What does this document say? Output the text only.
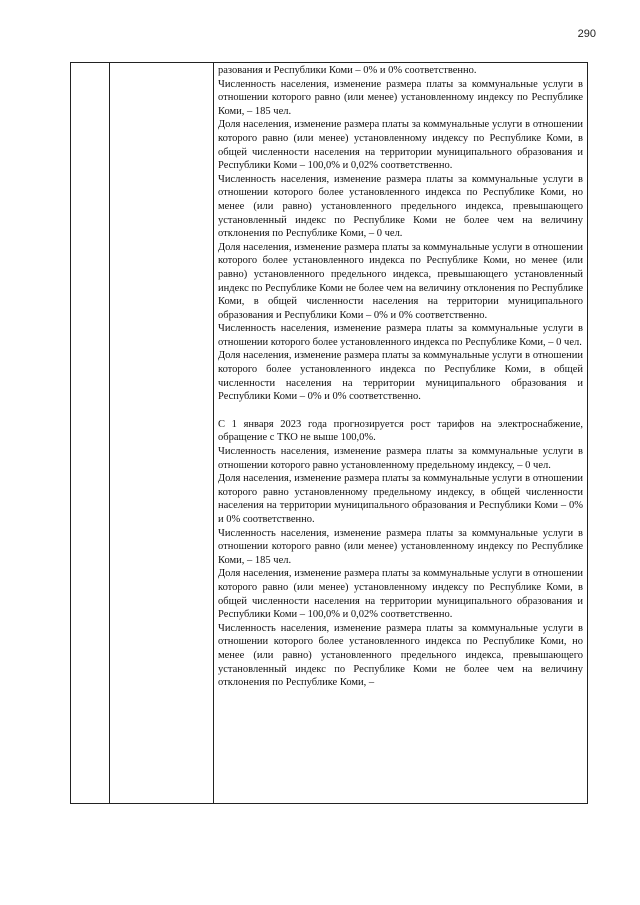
290

разования и Республики Коми – 0% и 0% соответственно.

Численность населения, изменение размера платы за коммунальные услуги в отношении которого равно (или менее) установленному индексу по Республике Коми, – 185 чел.

Доля населения, изменение размера платы за коммунальные услуги в отношении которого равно (или менее) установленному индексу по Республике Коми, в общей численности населения на территории муниципального образования и Республики Коми – 100,0% и 0,02% соответственно.

Численность населения, изменение размера платы за коммунальные услуги в отношении которого более установленного индекса по Республике Коми, но менее (или равно) установленного предельного индекса, превышающего установленный индекс по Республике Коми не более чем на величину отклонения по Республике Коми, – 0 чел.

Доля населения, изменение размера платы за коммунальные услуги в отношении которого более установленного индекса по Республике Коми, но менее (или равно) установленного предельного индекса, превышающего установленный индекс по Республике Коми не более чем на величину отклонения по Республике Коми, в общей численности населения на территории муниципального образования и Республики Коми – 0% и 0% соответственно.

Численность населения, изменение размера платы за коммунальные услуги в отношении которого более установленного индекса по Республике Коми, – 0 чел.

Доля населения, изменение размера платы за коммунальные услуги в отношении которого более установленного индекса по Республике Коми, в общей численности населения на территории муниципального образования и Республики Коми – 0% и 0% соответственно.

С 1 января 2023 года прогнозируется рост тарифов на электроснабжение, обращение с ТКО не выше 100,0%.

Численность населения, изменение размера платы за коммунальные услуги в отношении которого равно установленному предельному индексу, – 0 чел.

Доля населения, изменение размера платы за коммунальные услуги в отношении которого равно установленному предельному индексу, в общей численности населения на территории муниципального образования и Республики Коми – 0% и 0% соответственно.

Численность населения, изменение размера платы за коммунальные услуги в отношении которого равно (или менее) установленному индексу по Республике Коми, – 185 чел.

Доля населения, изменение размера платы за коммунальные услуги в отношении которого равно (или менее) установленному индексу по Республике Коми, в общей численности населения на территории муниципального образования и Республики Коми – 100,0% и 0,02% соответственно.

Численность населения, изменение размера платы за коммунальные услуги в отношении которого более установленного индекса по Республике Коми, но менее (или равно) установленного предельного индекса, превышающего установленный индекс по Республике Коми не более чем на величину отклонения по Республике Коми, –
